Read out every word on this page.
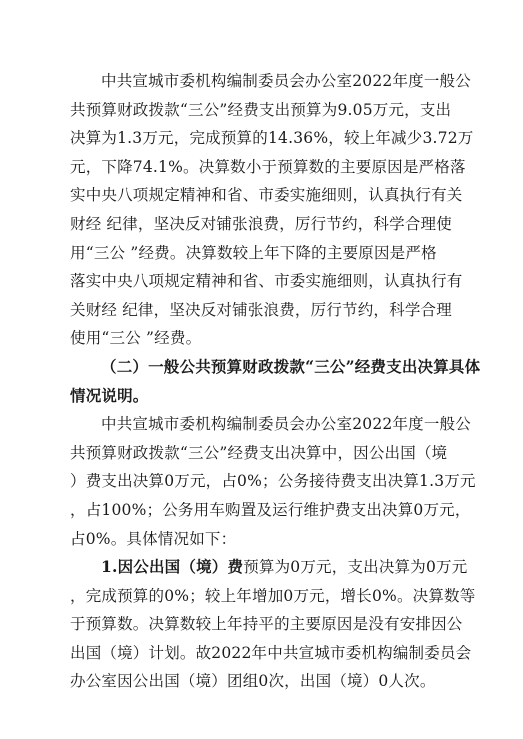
中共宣城市委机构编制委员会办公室2022年度一般公
共预算财政拨款“三公”经费支出预算为9.05万元，支出
决算为1.3万元，完成预算的14.36%，较上年减少3.72万
元，下降74.1%。决算数小于预算数的主要原因是严格落
实中央八项规定精神和省、市委实施细则，认真执行有关
财经 纪律，坚决反对铺张浪费，厉行节约，科学合理使
用“三公 ”经费。决算数较上年下降的主要原因是严格
落实中央八项规定精神和省、市委实施细则，认真执行有
关财经 纪律，坚决反对铺张浪费，厉行节约，科学合理
使用“三公 ”经费。
（二）一般公共预算财政拨款“三公”经费支出决算具体
情况说明。
中共宣城市委机构编制委员会办公室2022年度一般公
共预算财政拨款“三公”经费支出决算中，因公出国（境
）费支出决算0万元，占0%；公务接待费支出决算1.3万元
，占100%；公务用车购置及运行维护费支出决算0万元，
占0%。具体情况如下：
1.因公出国（境）费预算为0万元，支出决算为0万元
，完成预算的0%；较上年增加0万元，增长0%。决算数等
于预算数。决算数较上年持平的主要原因是没有安排因公
出国（境）计划。故2022年中共宣城市委机构编制委员会
办公室因公出国（境）团组0次，出国（境）0人次。
